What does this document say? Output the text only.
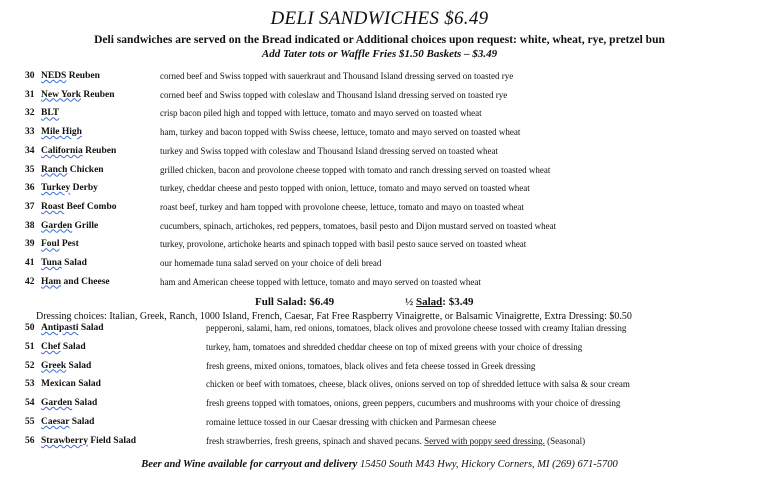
DELI SANDWICHES $6.49
Deli sandwiches are served on the Bread indicated or Additional choices upon request: white, wheat, rye, pretzel bun
Add Tater tots or Waffle Fries $1.50 Baskets – $3.49
30 NEDS Reuben	corned beef and Swiss topped with sauerkraut and Thousand Island dressing served on toasted rye
31 New York Reuben	corned beef and Swiss topped with coleslaw and Thousand Island dressing served on toasted rye
32 BLT	crisp bacon piled high and topped with lettuce, tomato and mayo served on toasted wheat
33 Mile High	ham, turkey and bacon topped with Swiss cheese, lettuce, tomato and mayo served on toasted wheat
34 California Reuben	turkey and Swiss topped with coleslaw and Thousand Island dressing served on toasted wheat
35 Ranch Chicken	grilled chicken, bacon and provolone cheese topped with tomato and ranch dressing served on toasted wheat
36 Turkey Derby	turkey, cheddar cheese and pesto topped with onion, lettuce, tomato and mayo served on toasted wheat
37 Roast Beef Combo	roast beef, turkey and ham topped with provolone cheese, lettuce, tomato and mayo on toasted wheat
38 Garden Grille	cucumbers, spinach, artichokes, red peppers, tomatoes, basil pesto and Dijon mustard served on toasted wheat
39 Foul Pest	turkey, provolone, artichoke hearts and spinach topped with basil pesto sauce served on toasted wheat
41 Tuna Salad	our homemade tuna salad served on your choice of deli bread
42 Ham and Cheese	ham and American cheese topped with lettuce, tomato and mayo served on toasted wheat
Full Salad: $6.49	½ Salad: $3.49
Dressing choices: Italian, Greek, Ranch, 1000 Island, French, Caesar, Fat Free Raspberry Vinaigrette, or Balsamic Vinaigrette, Extra Dressing: $0.50
50 Antipasti Salad	pepperoni, salami, ham, red onions, tomatoes, black olives and provolone cheese tossed with creamy Italian dressing
51 Chef Salad	turkey, ham, tomatoes and shredded cheddar cheese on top of mixed greens with your choice of dressing
52 Greek Salad	fresh greens, mixed onions, tomatoes, black olives and feta cheese tossed in Greek dressing
53 Mexican Salad	chicken or beef with tomatoes, cheese, black olives, onions served on top of shredded lettuce with salsa & sour cream
54 Garden Salad	fresh greens topped with tomatoes, onions, green peppers, cucumbers and mushrooms with your choice of dressing
55 Caesar Salad	romaine lettuce tossed in our Caesar dressing with chicken and Parmesan cheese
56 Strawberry Field Salad	fresh strawberries, fresh greens, spinach and shaved pecans. Served with poppy seed dressing. (Seasonal)
Beer and Wine available for carryout and delivery 15450 South M43 Hwy, Hickory Corners, MI (269) 671-5700
